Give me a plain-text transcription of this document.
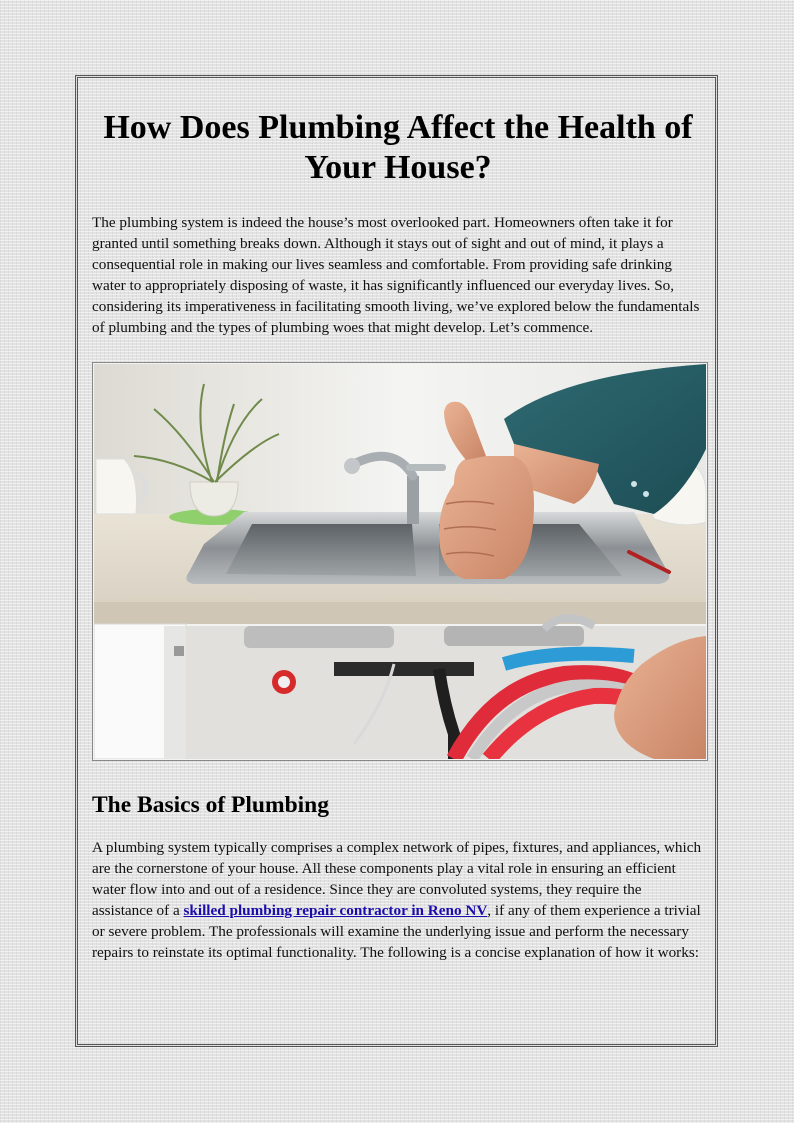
How Does Plumbing Affect the Health of Your House?

The plumbing system is indeed the house’s most overlooked part. Homeowners often take it for granted until something breaks down. Although it stays out of sight and out of mind, it plays a consequential role in making our lives seamless and comfortable. From providing safe drinking water to appropriately disposing of waste, it has significantly influenced our everyday lives. So, considering its imperativeness in facilitating smooth living, we’ve explored below the fundamentals of plumbing and the types of plumbing woes that might develop. Let’s commence.

The Basics of Plumbing

A plumbing system typically comprises a complex network of pipes, fixtures, and appliances, which are the cornerstone of your house. All these components play a vital role in ensuring an efficient water flow into and out of a residence. Since they are convoluted systems, they require the assistance of a skilled plumbing repair contractor in Reno NV, if any of them experience a trivial or severe problem. The professionals will examine the underlying issue and perform the necessary repairs to reinstate its optimal functionality. The following is a concise explanation of how it works:
